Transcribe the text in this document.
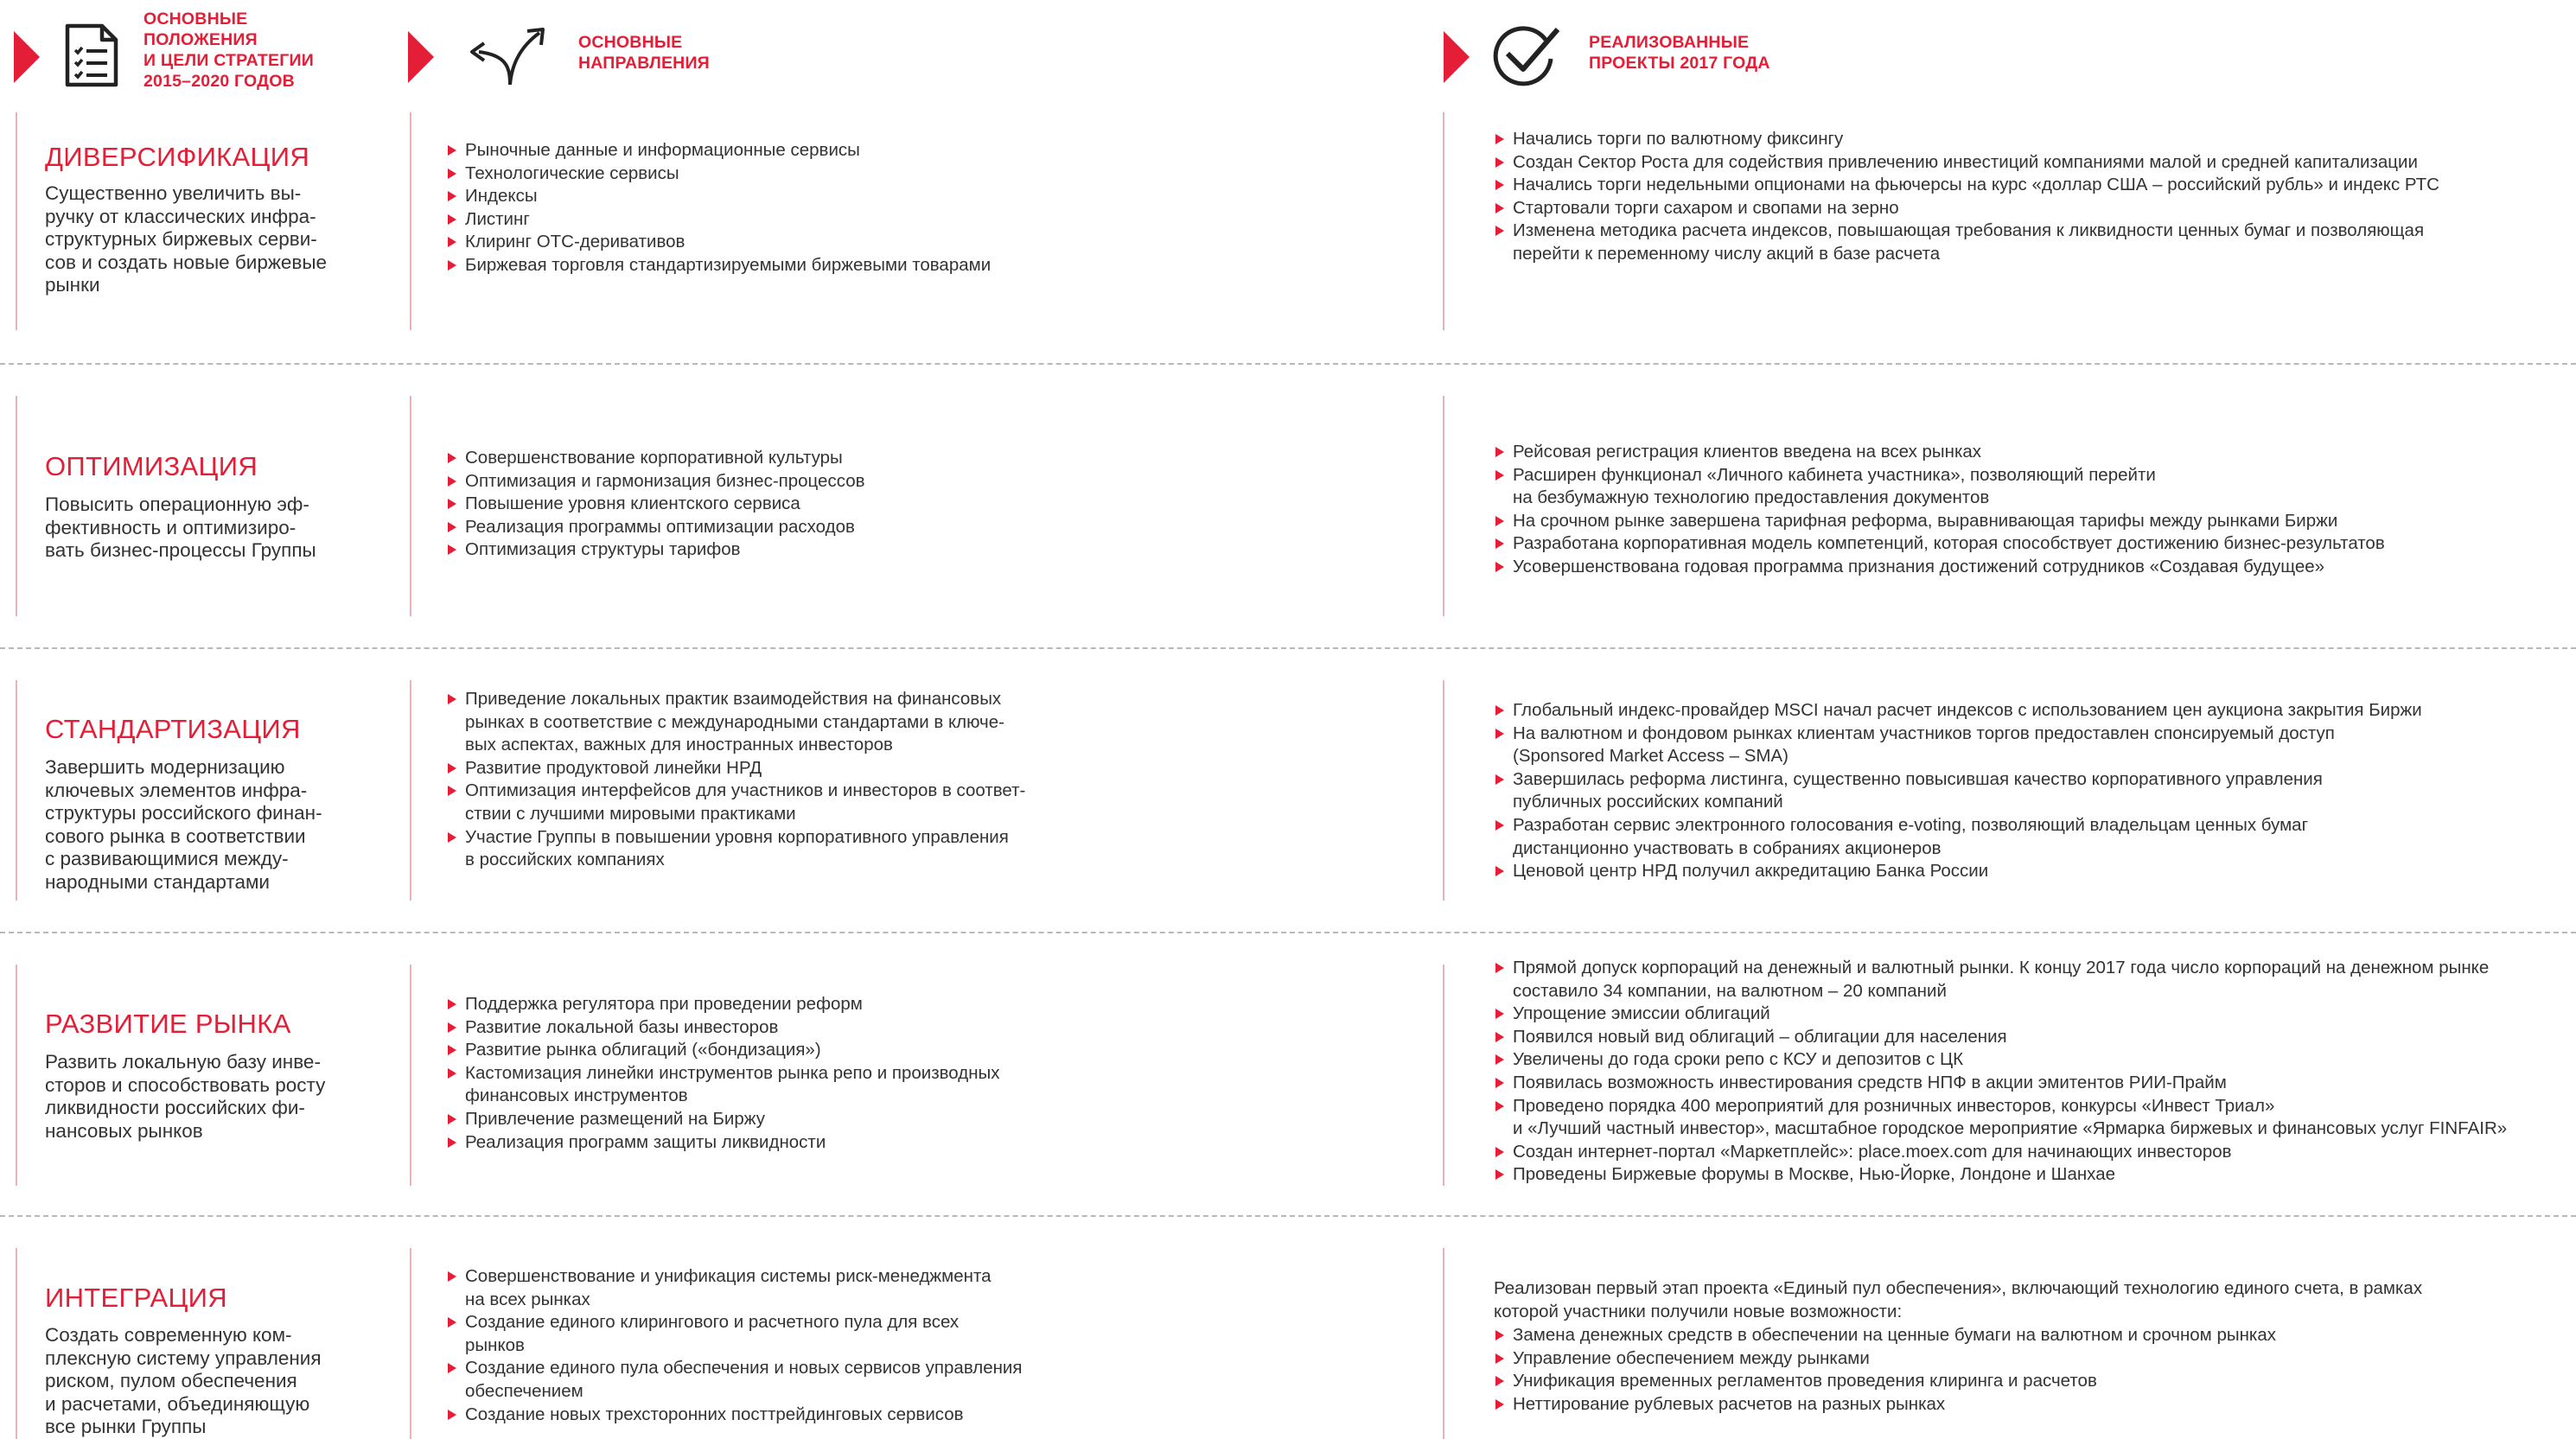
ОСНОВНЫЕ
ПОЛОЖЕНИЯ
И ЦЕЛИ СТРАТЕГИИ
2015–2020 ГОДОВ
ОСНОВНЫЕ
НАПРАВЛЕНИЯ
РЕАЛИЗОВАННЫЕ
ПРОЕКТЫ 2017 ГОДА
ДИВЕРСИФИКАЦИЯ
Существенно увеличить вы-
ручку от классических инфра-
структурных биржевых серви-
сов и создать новые биржевые
рынки
Рыночные данные и информационные сервисы
Технологические сервисы
Индексы
Листинг
Клиринг ОТС-деривативов
Биржевая торговля стандартизируемыми биржевыми товарами
Начались торги по валютному фиксингу
Создан Сектор Роста для содействия привлечению инвестиций компаниями малой и средней капитализации
Начались торги недельными опционами на фьючерсы на курс «доллар США – российский рубль» и индекс РТС
Стартовали торги сахаром и свопами на зерно
Изменена методика расчета индексов, повышающая требования к ликвидности ценных бумаг и позволяющая
перейти к переменному числу акций в базе расчета
ОПТИМИЗАЦИЯ
Повысить операционную эф-
фективность и оптимизиро-
вать бизнес-процессы Группы
Совершенствование корпоративной культуры
Оптимизация и гармонизация бизнес-процессов
Повышение уровня клиентского сервиса
Реализация программы оптимизации расходов
Оптимизация структуры тарифов
Рейсовая регистрация клиентов введена на всех рынках
Расширен функционал «Личного кабинета участника», позволяющий перейти
на безбумажную технологию предоставления документов
На срочном рынке завершена тарифная реформа, выравнивающая тарифы между рынками Биржи
Разработана корпоративная модель компетенций, которая способствует достижению бизнес-результатов
Усовершенствована годовая программа признания достижений сотрудников «Создавая будущее»
СТАНДАРТИЗАЦИЯ
Завершить модернизацию
ключевых элементов инфра-
структуры российского финан-
сового рынка в соответствии
с развивающимися между-
народными стандартами
Приведение локальных практик взаимодействия на финансовых
рынках в соответствие с международными стандартами в ключе-
вых аспектах, важных для иностранных инвесторов
Развитие продуктовой линейки НРД
Оптимизация интерфейсов для участников и инвесторов в соответ-
ствии с лучшими мировыми практиками
Участие Группы в повышении уровня корпоративного управления
в российских компаниях
Глобальный индекс-провайдер MSCI начал расчет индексов с использованием цен аукциона закрытия Биржи
На валютном и фондовом рынках клиентам участников торгов предоставлен спонсируемый доступ
(Sponsored Market Access – SMA)
Завершилась реформа листинга, существенно повысившая качество корпоративного управления
публичных российских компаний
Разработан сервис электронного голосования e-voting, позволяющий владельцам ценных бумаг
дистанционно участвовать в собраниях акционеров
Ценовой центр НРД получил аккредитацию Банка России
РАЗВИТИЕ РЫНКА
Развить локальную базу инве-
сторов и способствовать росту
ликвидности российских фи-
нансовых рынков
Поддержка регулятора при проведении реформ
Развитие локальной базы инвесторов
Развитие рынка облигаций («бондизация»)
Кастомизация линейки инструментов рынка репо и производных
финансовых инструментов
Привлечение размещений на Биржу
Реализация программ защиты ликвидности
Прямой допуск корпораций на денежный и валютный рынки. К концу 2017 года число корпораций на денежном рынке
составило 34 компании, на валютном – 20 компаний
Упрощение эмиссии облигаций
Появился новый вид облигаций – облигации для населения
Увеличены до года сроки репо с КСУ и депозитов с ЦК
Появилась возможность инвестирования средств НПФ в акции эмитентов РИИ-Прайм
Проведено порядка 400 мероприятий для розничных инвесторов, конкурсы «Инвест Триал»
и «Лучший частный инвестор», масштабное городское мероприятие «Ярмарка биржевых и финансовых услуг FINFAIR»
Создан интернет-портал «Маркетплейс»: place.moex.com для начинающих инвесторов
Проведены Биржевые форумы в Москве, Нью-Йорке, Лондоне и Шанхае
ИНТЕГРАЦИЯ
Создать современную ком-
плексную систему управления
риском, пулом обеспечения
и расчетами, объединяющую
все рынки Группы
Совершенствование и унификация системы риск-менеджмента
на всех рынках
Создание единого клирингового и расчетного пула для всех
рынков
Создание единого пула обеспечения и новых сервисов управления
обеспечением
Создание новых трехсторонних посттрейдинговых сервисов
Реализован первый этап проекта «Единый пул обеспечения», включающий технологию единого счета, в рамках
которой участники получили новые возможности:
Замена денежных средств в обеспечении на ценные бумаги на валютном и срочном рынках
Управление обеспечением между рынками
Унификация временных регламентов проведения клиринга и расчетов
Неттирование рублевых расчетов на разных рынках
